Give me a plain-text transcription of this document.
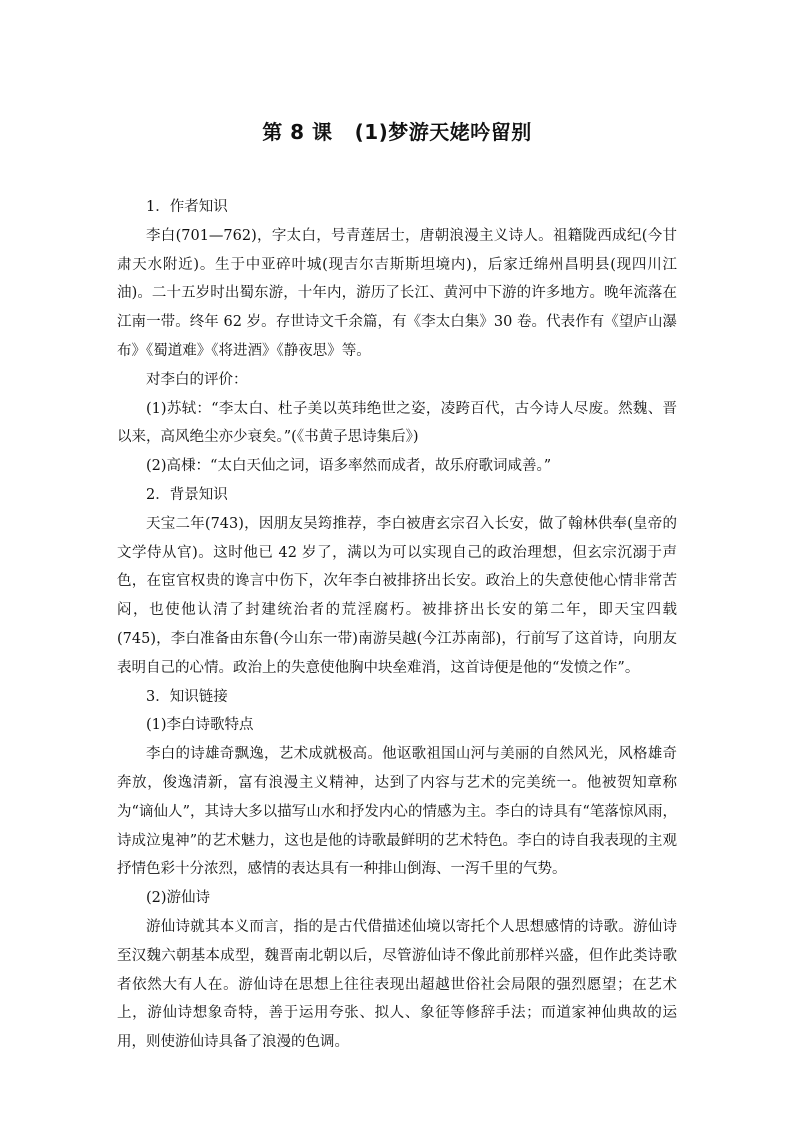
第 8 课 (1)梦游天姥吟留别

1．作者知识

李白(701—762)，字太白，号青莲居士，唐朝浪漫主义诗人。祖籍陇西成纪(今甘肃天水附近)。生于中亚碎叶城(现吉尔吉斯斯坦境内)，后家迁绵州昌明县(现四川江油)。二十五岁时出蜀东游，十年内，游历了长江、黄河中下游的许多地方。晚年流落在江南一带。终年 62 岁。存世诗文千余篇，有《李太白集》30 卷。代表作有《望庐山瀑布》《蜀道难》《将进酒》《静夜思》等。

对李白的评价：

(1)苏轼：“李太白、杜子美以英玮绝世之姿，凌跨百代，古今诗人尽废。然魏、晋以来，高风绝尘亦少衰矣。”(《书黄子思诗集后》)

(2)高棅：“太白天仙之词，语多率然而成者，故乐府歌词咸善。”

2．背景知识

天宝二年(743)，因朋友吴筠推荐，李白被唐玄宗召入长安，做了翰林供奉(皇帝的文学侍从官)。这时他已 42 岁了，满以为可以实现自己的政治理想，但玄宗沉溺于声色，在宦官权贵的谗言中伤下，次年李白被排挤出长安。政治上的失意使他心情非常苦闷，也使他认清了封建统治者的荒淫腐朽。被排挤出长安的第二年，即天宝四载(745)，李白准备由东鲁(今山东一带)南游吴越(今江苏南部)，行前写了这首诗，向朋友表明自己的心情。政治上的失意使他胸中块垒难消，这首诗便是他的“发愤之作”。

3．知识链接

(1)李白诗歌特点

李白的诗雄奇飘逸，艺术成就极高。他讴歌祖国山河与美丽的自然风光，风格雄奇奔放，俊逸清新，富有浪漫主义精神，达到了内容与艺术的完美统一。他被贺知章称为“谪仙人”，其诗大多以描写山水和抒发内心的情感为主。李白的诗具有“笔落惊风雨，诗成泣鬼神”的艺术魅力，这也是他的诗歌最鲜明的艺术特色。李白的诗自我表现的主观抒情色彩十分浓烈，感情的表达具有一种排山倒海、一泻千里的气势。

(2)游仙诗

游仙诗就其本义而言，指的是古代借描述仙境以寄托个人思想感情的诗歌。游仙诗至汉魏六朝基本成型，魏晋南北朝以后，尽管游仙诗不像此前那样兴盛，但作此类诗歌者依然大有人在。游仙诗在思想上往往表现出超越世俗社会局限的强烈愿望；在艺术上，游仙诗想象奇特，善于运用夸张、拟人、象征等修辞手法；而道家神仙典故的运用，则使游仙诗具备了浪漫的色调。
